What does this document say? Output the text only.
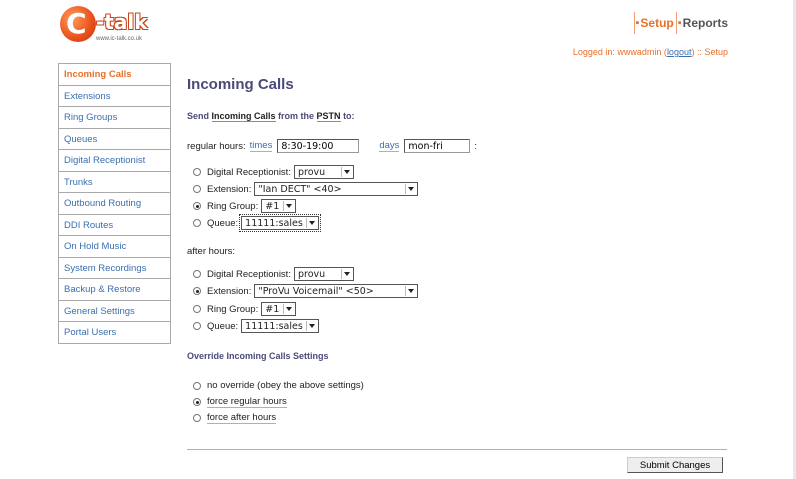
C -talk
www.ic-talk.co.uk
▪ Setup ▪ Reports
Logged in: wwwadmin (logout) :: Setup
Incoming Calls
Extensions
Ring Groups
Queues
Digital Receptionist
Trunks
Outbound Routing
DDI Routes
On Hold Music
System Recordings
Backup & Restore
General Settings
Portal Users
Incoming Calls
Send Incoming Calls from the PSTN to:
regular hours: times
8:30-19:00	days
mon-fri	:
Digital Receptionist: provu
Extension: "Ian DECT" <40>
Ring Group: #1
Queue: 11111:sales
after hours:
Digital Receptionist: provu
Extension: "ProVu Voicemail" <50>
Ring Group: #1
Queue: 11111:sales
Override Incoming Calls Settings
no override (obey the above settings)
force regular hours
force after hours
Submit Changes
